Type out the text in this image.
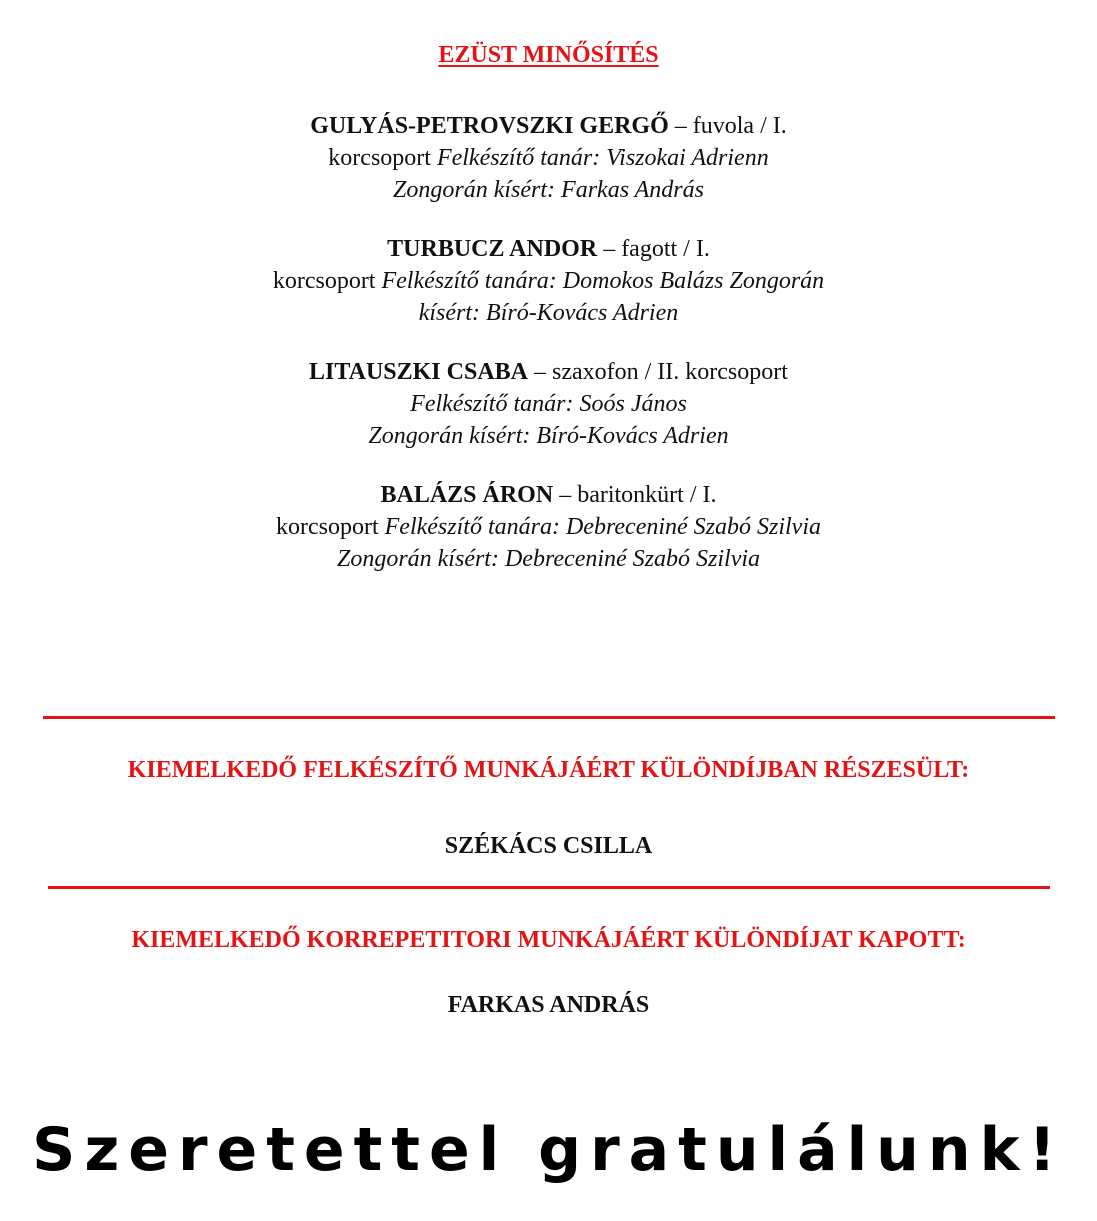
EZÜST MINŐSÍTÉS
GULYÁS-PETROVSZKI GERGŐ – fuvola / I.
korcsoport Felkészítő tanár: Viszokai Adrienn
Zongorán kísért: Farkas András
TURBUCZ ANDOR – fagott / I.
korcsoport Felkészítő tanára: Domokos Balázs Zongorán kísért: Bíró-Kovács Adrien
LITAUSZKI CSABA – szaxofon / II. korcsoport
Felkészítő tanár: Soós János
Zongorán kísért: Bíró-Kovács Adrien
BALÁZS ÁRON – baritonkürt / I.
korcsoport Felkészítő tanára: Debreceniné Szabó Szilvia Zongorán kísért: Debreceniné Szabó Szilvia
KIEMELKEDŐ FELKÉSZÍTŐ MUNKÁJÁÉRT KÜLÖNDÍJBAN RÉSZESÜLT:
SZÉKÁCS CSILLA
KIEMELKEDŐ KORREPETITORI MUNKÁJÁÉRT KÜLÖNDÍJAT KAPOTT:
FARKAS ANDRÁS
Szeretettel gratulálunk!
